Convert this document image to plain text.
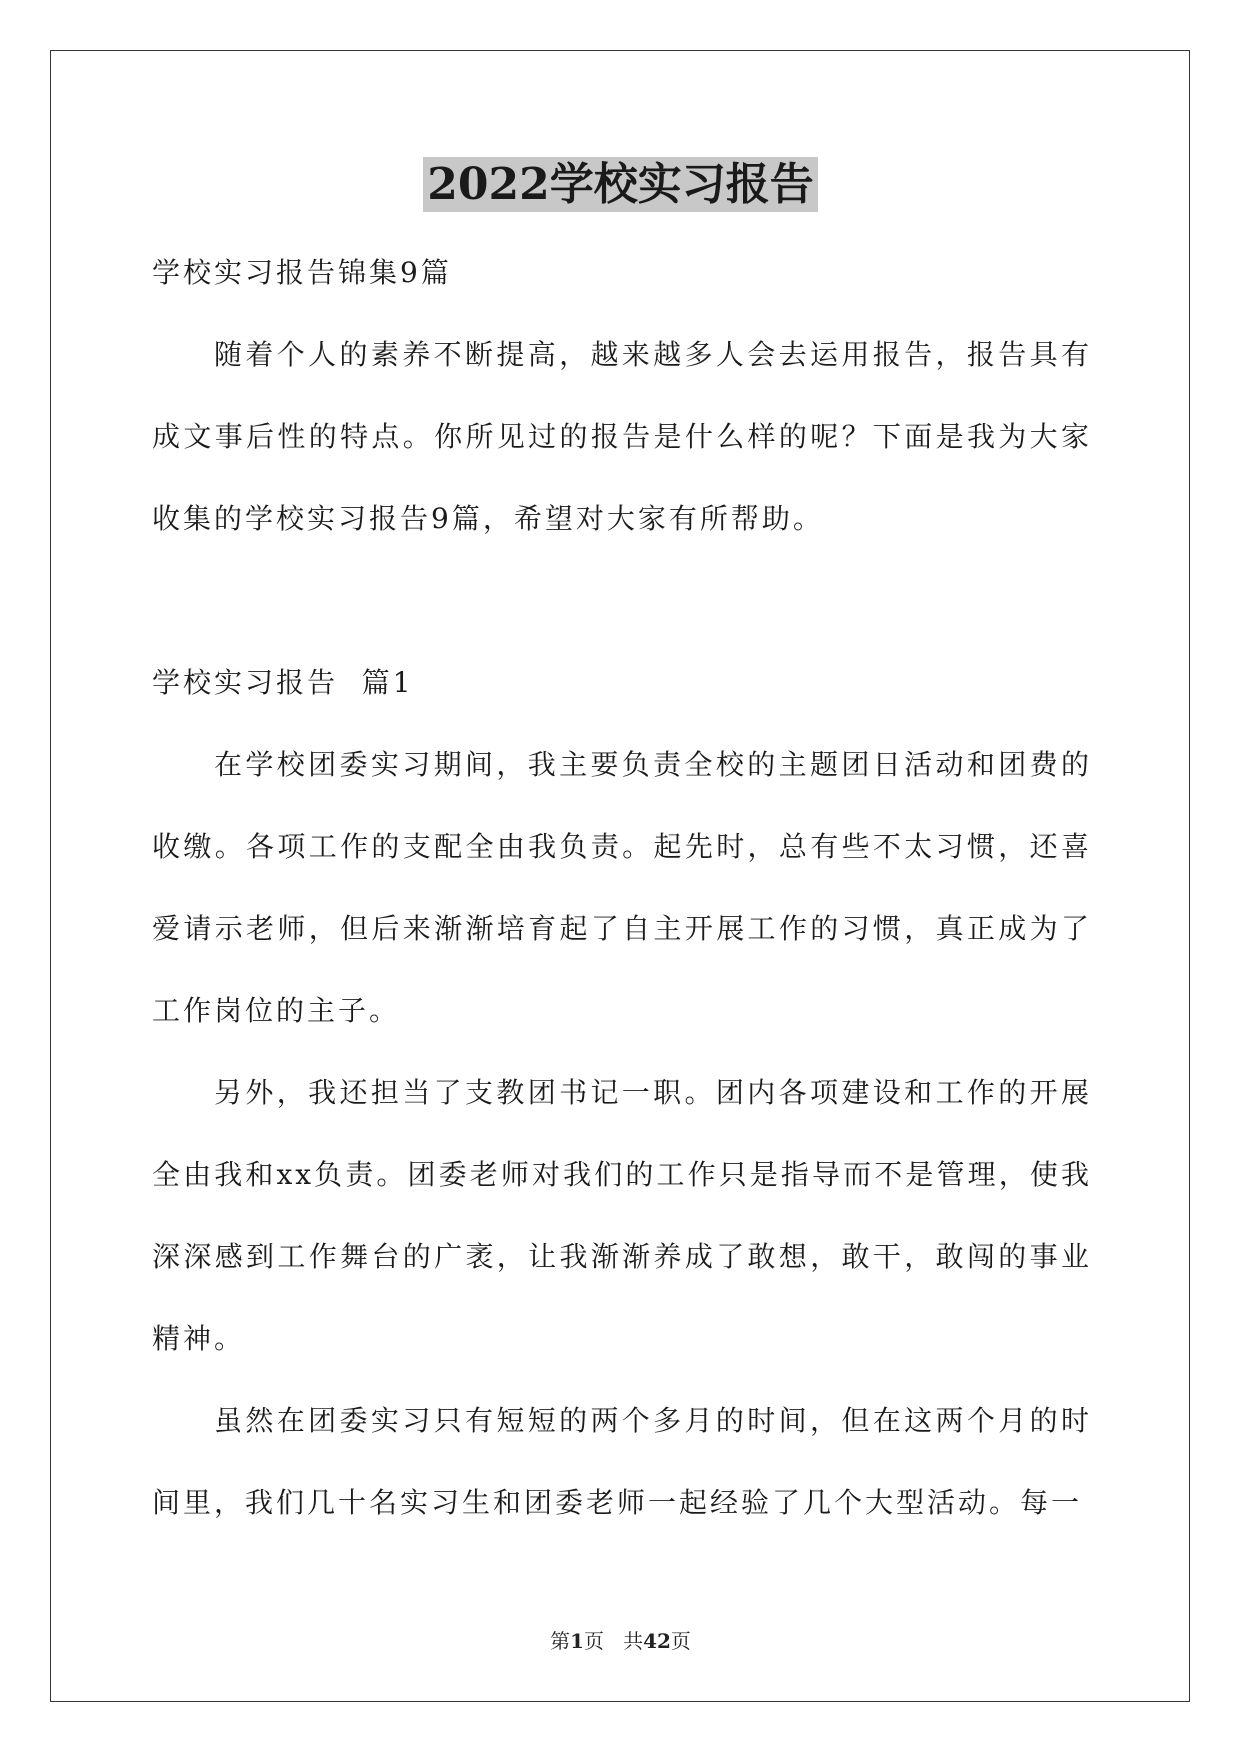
2022学校实习报告

学校实习报告锦集9篇

随着个人的素养不断提高，越来越多人会去运用报告，报告具有成文事后性的特点。你所见过的报告是什么样的呢？下面是我为大家收集的学校实习报告9篇，希望对大家有所帮助。

学校实习报告  篇1

在学校团委实习期间，我主要负责全校的主题团日活动和团费的收缴。各项工作的支配全由我负责。起先时，总有些不太习惯，还喜爱请示老师，但后来渐渐培育起了自主开展工作的习惯，真正成为了工作岗位的主子。

另外，我还担当了支教团书记一职。团内各项建设和工作的开展全由我和xx负责。团委老师对我们的工作只是指导而不是管理，使我深深感到工作舞台的广袤，让我渐渐养成了敢想，敢干，敢闯的事业精神。

虽然在团委实习只有短短的两个多月的时间，但在这两个月的时间里，我们几十名实习生和团委老师一起经验了几个大型活动。每一

第1页 共42页
